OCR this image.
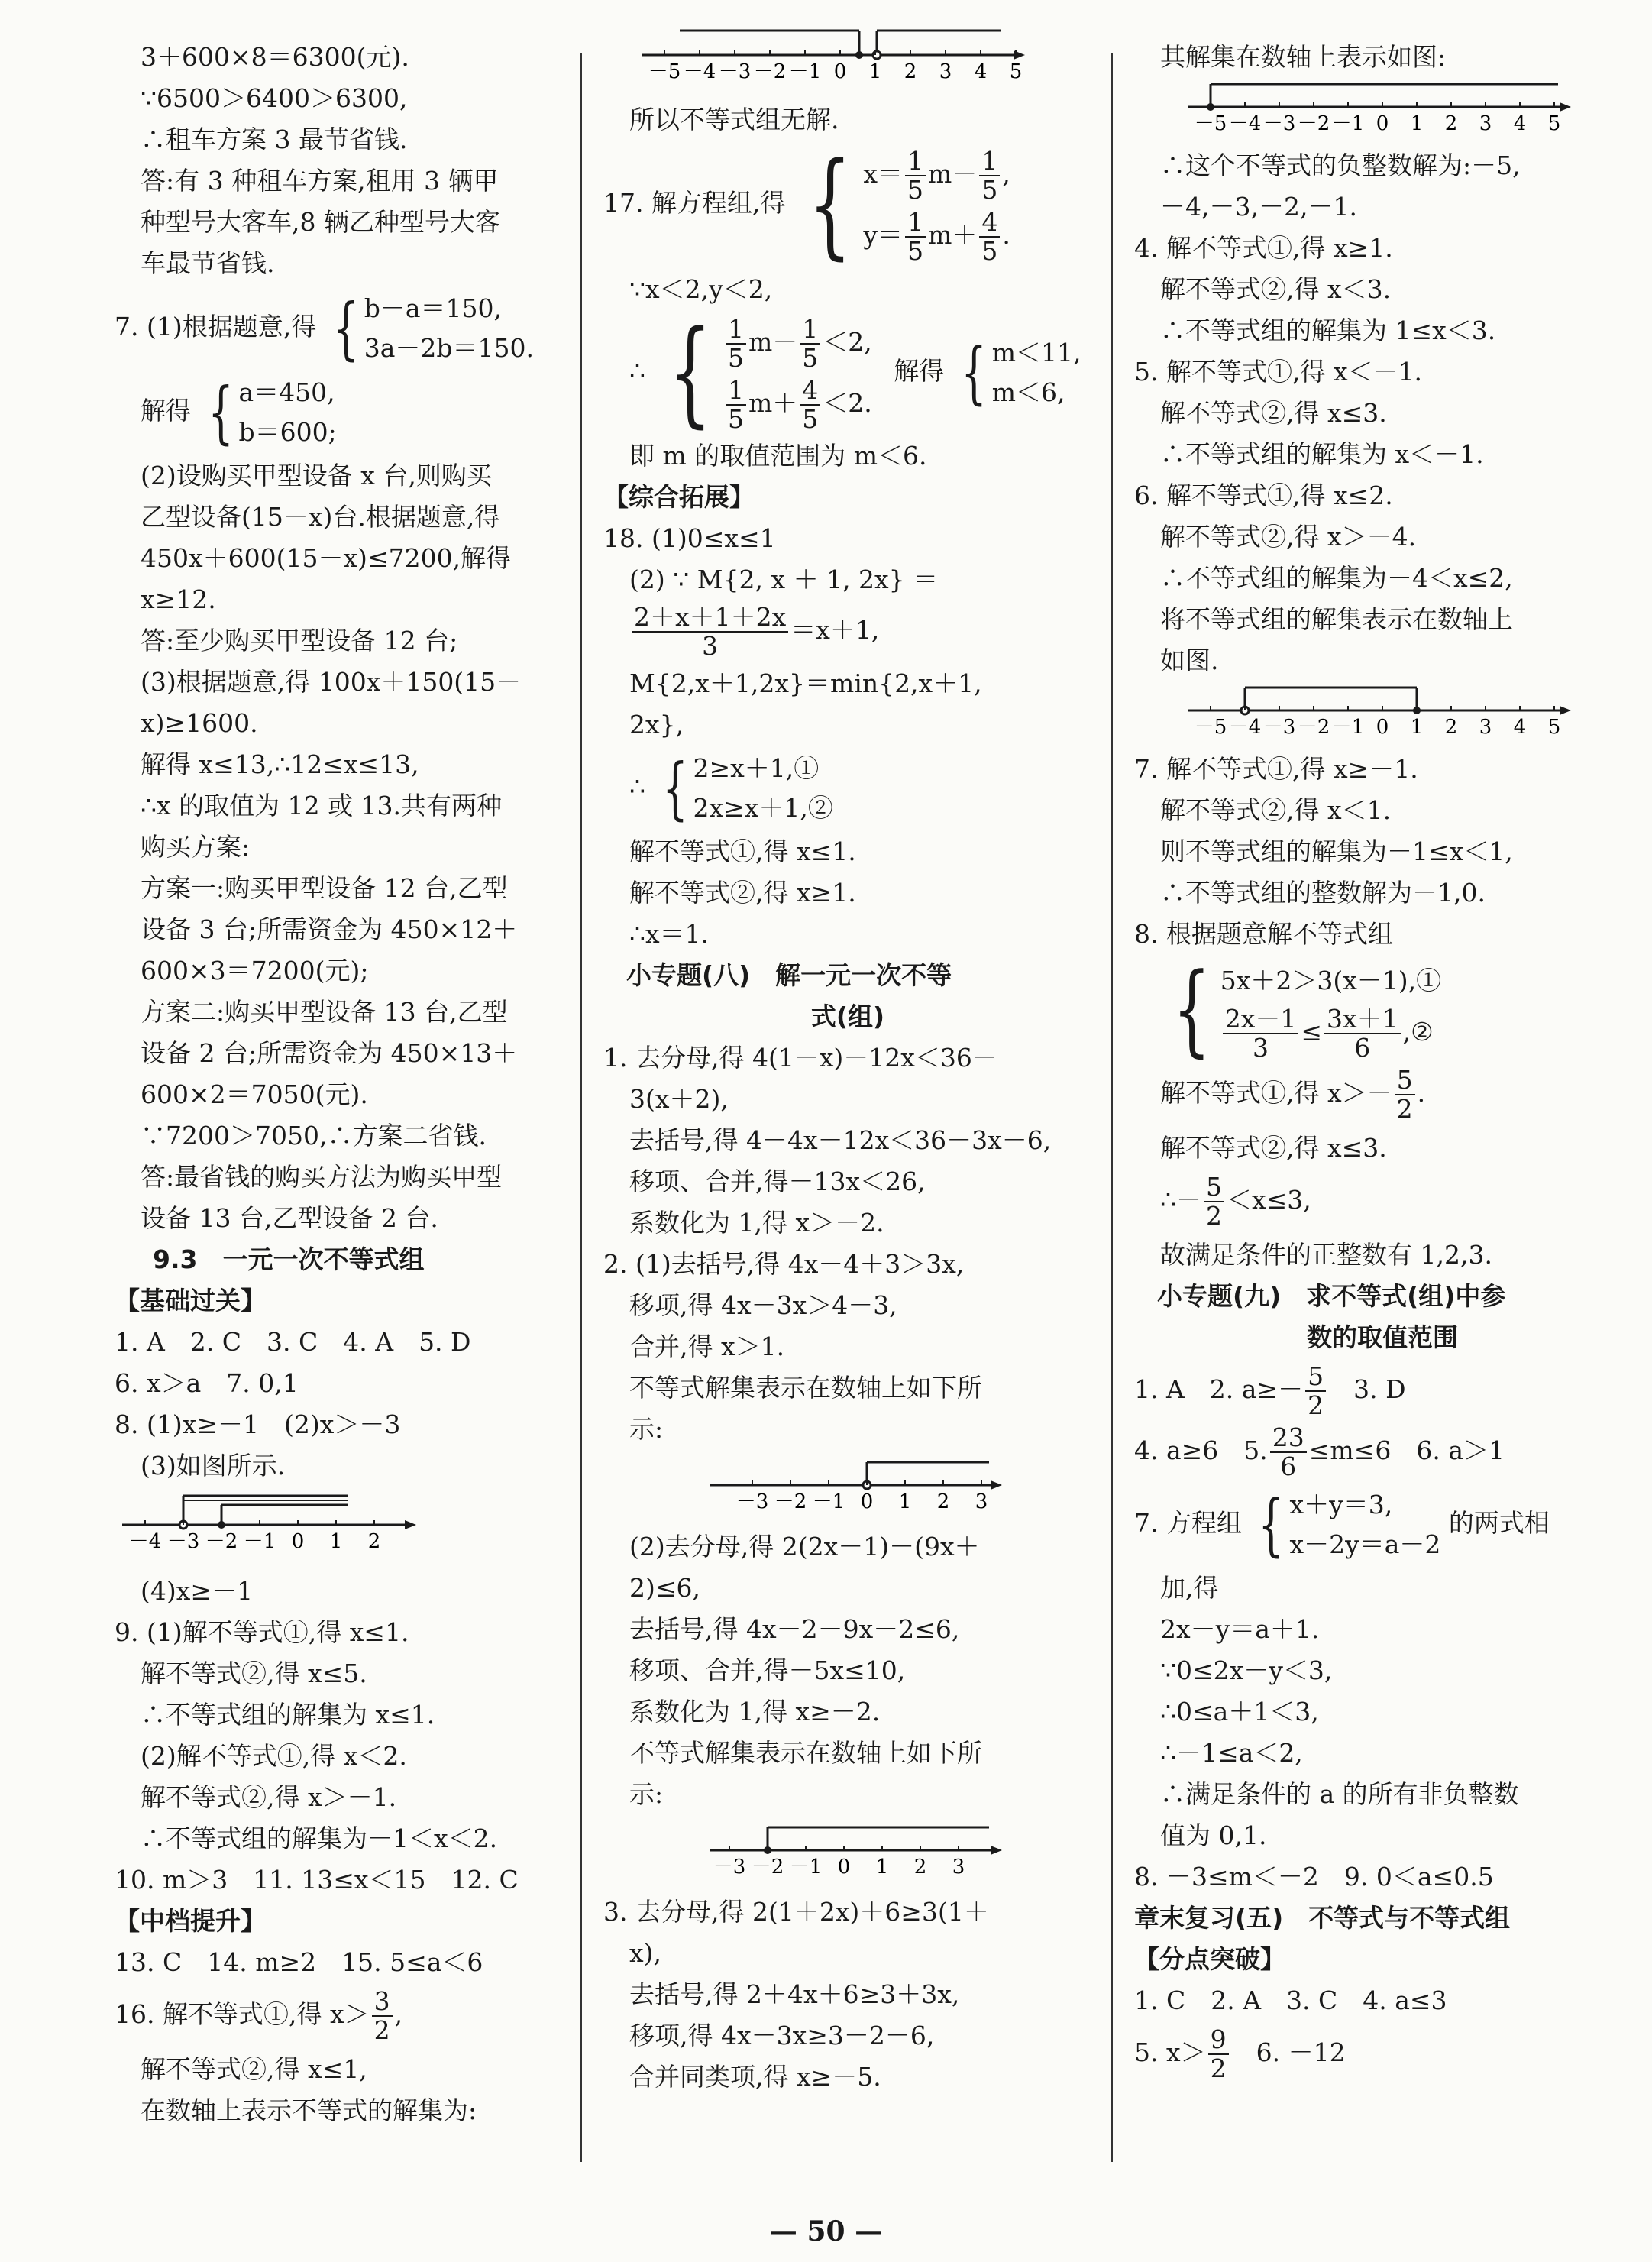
3＋600×8＝6300(元).
∵6500＞6400＞6300,
∴租车方案 3 最节省钱.
答:有 3 种租车方案,租用 3 辆甲
种型号大客车,8 辆乙种型号大客
车最节省钱.
7. (1)根据题意,得 { b－a＝150,
3a－2b＝150.
解得 { a＝450,
b＝600;
(2)设购买甲型设备 x 台,则购买
乙型设备(15－x)台.根据题意,得
450x＋600(15－x)≤7200,解得
x≥12.
答:至少购买甲型设备 12 台;
(3)根据题意,得 100x＋150(15－
x)≥1600.
解得 x≤13,∴12≤x≤13,
∴x 的取值为 12 或 13.共有两种
购买方案:
方案一:购买甲型设备 12 台,乙型
设备 3 台;所需资金为 450×12＋
600×3＝7200(元);
方案二:购买甲型设备 13 台,乙型
设备 2 台;所需资金为 450×13＋
600×2＝7050(元).
∵7200＞7050,∴方案二省钱.
答:最省钱的购买方法为购买甲型
设备 13 台,乙型设备 2 台.
9.3　一元一次不等式组
【基础过关】
1. A　2. C　3. C　4. A　5. D
6. x＞a　7. 0,1
8. (1)x≥－1　(2)x＞－3
(3)如图所示.
－4 －3 －2 －1 0 1 2
(4)x≥－1
9. (1)解不等式①,得 x≤1.
解不等式②,得 x≤5.
∴不等式组的解集为 x≤1.
(2)解不等式①,得 x＜2.
解不等式②,得 x＞－1.
∴不等式组的解集为－1＜x＜2.
10. m＞3　11. 13≤x＜15　12. C
【中档提升】
13. C　14. m≥2　15. 5≤a＜6
16. 解不等式①,得 $x> \frac{3}{2}$ ,
解不等式②,得 x≤1,
在数轴上表示不等式的解集为:
－5 －4 －3 －2 －1 0 1 2 3 4 5
所以不等式组无解.
17. 解方程组,得 { $x= \frac{1}{5} m- \frac{1}{5}$ ,
$y= \frac{1}{5} m+ \frac{4}{5}$ .
∵x＜2,y＜2,
∴ { $\frac{1}{5} m- \frac{1}{5} <2$,
$\frac{1}{5} m+ \frac{4}{5} <2$.
解得 { m＜11,
m＜6,
即 m 的取值范围为 m＜6.
【综合拓展】
18. (1)0≤x≤1
(2) ∵ M{2, x ＋ 1, 2x} ＝
$\frac{2+x+1+2x}{3} =x+1$,
M{2,x＋1,2x}＝min{2,x＋1,
2x},
∴ { 2≥x＋1,①
2x≥x＋1,②
解不等式①,得 x≤1.
解不等式②,得 x≥1.
∴x＝1.
小专题(八)　解一元一次不等
式(组)
1. 去分母,得 4(1－x)－12x＜36－
3(x＋2),
去括号,得 4－4x－12x＜36－3x－6,
移项、合并,得－13x＜26,
系数化为 1,得 x＞－2.
2. (1)去括号,得 4x－4＋3＞3x,
移项,得 4x－3x＞4－3,
合并,得 x＞1.
不等式解集表示在数轴上如下所
示:
－3 －2 －1 0 1 2 3
(2)去分母,得 2(2x－1)－(9x＋
2)≤6,
去括号,得 4x－2－9x－2≤6,
移项、合并,得－5x≤10,
系数化为 1,得 x≥－2.
不等式解集表示在数轴上如下所
示:
－3 －2 －1 0 1 2 3
3. 去分母,得 2(1＋2x)＋6≥3(1＋
x),
去括号,得 2＋4x＋6≥3＋3x,
移项,得 4x－3x≥3－2－6,
合并同类项,得 x≥－5.
其解集在数轴上表示如图:
－5 －4 －3 －2 －1 0 1 2 3 4 5
∴这个不等式的负整数解为:－5,
－4,－3,－2,－1.
4. 解不等式①,得 x≥1.
解不等式②,得 x＜3.
∴不等式组的解集为 1≤x＜3.
5. 解不等式①,得 x＜－1.
解不等式②,得 x≤3.
∴不等式组的解集为 x＜－1.
6. 解不等式①,得 x≤2.
解不等式②,得 x＞－4.
∴不等式组的解集为－4＜x≤2,
将不等式组的解集表示在数轴上
如图.
－5 －4 －3 －2 －1 0 1 2 3 4 5
7. 解不等式①,得 x≥－1.
解不等式②,得 x＜1.
则不等式组的解集为－1≤x＜1,
∴不等式组的整数解为－1,0.
8. 根据题意解不等式组
{ 5x＋2＞3(x－1),①
$\frac{2x-1}{3} \le \frac{3x+1}{6}$ ,②
解不等式①,得 $x>- \frac{5}{2}$ .
解不等式②,得 x≤3.
∴－ $\frac{5}{2} <x\le 3$,
故满足条件的正整数有 1,2,3.
小专题(九)　求不等式(组)中参
数的取值范围
1. A　2. $a\ge- \frac{5}{2}$ 　3. D
4. a≥6　5. $\frac{23}{6} \le m\le 6$　6. a＞1
7. 方程组 { x＋y＝3,
x－2y＝a－2
的两式相
加,得
2x－y＝a＋1.
∵0≤2x－y＜3,
∴0≤a＋1＜3,
∴－1≤a＜2,
∴满足条件的 a 的所有非负整数
值为 0,1.
8. －3≤m＜－2　9. 0＜a≤0.5
章末复习(五)　不等式与不等式组
【分点突破】
1. C　2. A　3. C　4. a≤3
5. $x> \frac{9}{2}$ 　6. －12
— 50 —
